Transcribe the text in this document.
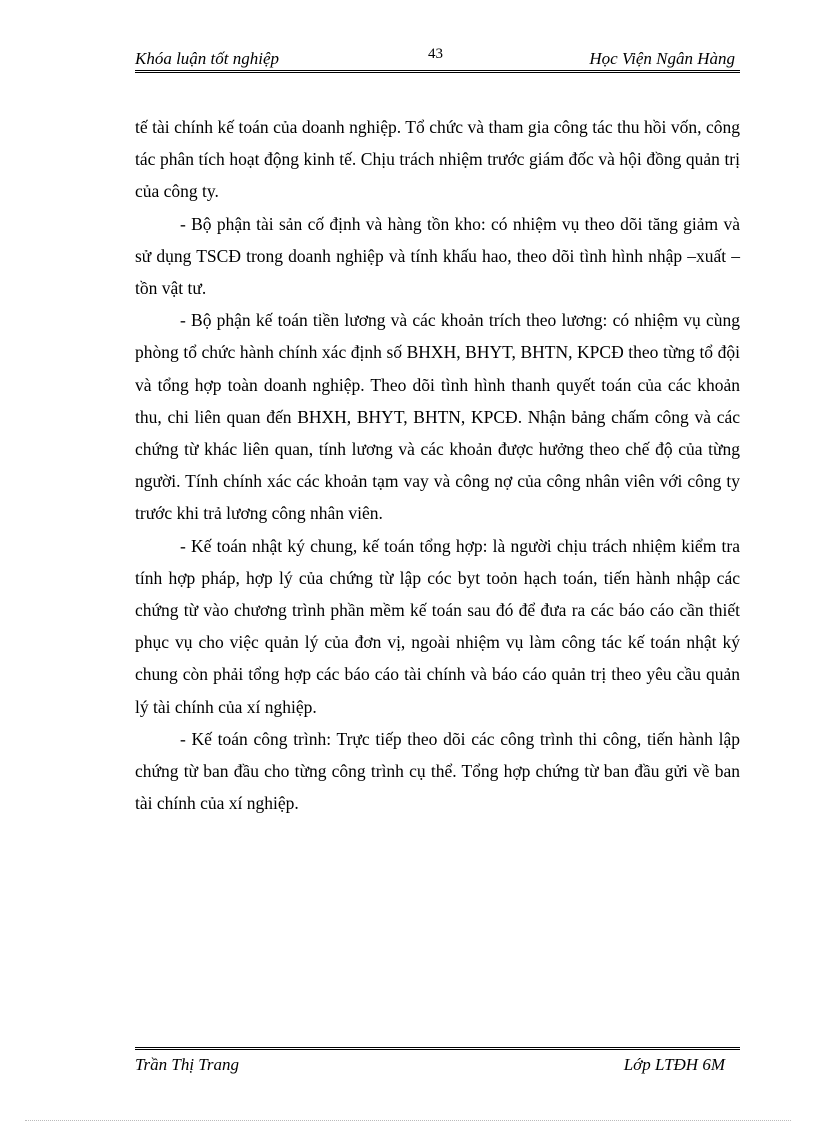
Khóa luận tốt nghiệp	43	Học Viện Ngân Hàng

tế tài chính kế toán của doanh nghiệp. Tổ chức và tham gia công tác thu hồi vốn, công tác phân tích hoạt động kinh tế. Chịu trách nhiệm trước giám đốc và hội đồng quản trị của công ty.

- Bộ phận tài sản cố định và hàng tồn kho: có nhiệm vụ theo dõi tăng giảm và sử dụng TSCĐ trong doanh nghiệp và tính khấu hao, theo dõi tình hình nhập –xuất – tồn vật tư.

- Bộ phận kế toán tiền lương và các khoản trích theo lương: có nhiệm vụ cùng phòng tổ chức hành chính xác định số BHXH, BHYT, BHTN, KPCĐ theo từng tổ đội và tổng hợp toàn doanh nghiệp. Theo dõi tình hình thanh quyết toán của các khoản thu, chi liên quan đến BHXH, BHYT, BHTN, KPCĐ. Nhận bảng chấm công và các chứng từ khác liên quan, tính lương và các khoản được hưởng theo chế độ của từng người. Tính chính xác các khoản tạm vay và công nợ của công nhân viên với công ty trước khi trả lương công nhân viên.

- Kế toán nhật ký chung, kế toán tổng hợp: là người chịu trách nhiệm kiểm tra tính hợp pháp, hợp lý của chứng từ lập cóc byt toỏn hạch toán, tiến hành nhập các chứng từ vào chương trình phần mềm kế toán sau đó để đưa ra các báo cáo cần thiết phục vụ cho việc quản lý của đơn vị, ngoài nhiệm vụ làm công tác kế toán nhật ký chung còn phải tổng hợp các báo cáo tài chính và báo cáo quản trị theo yêu cầu quản lý tài chính của xí nghiệp.

- Kế toán công trình: Trực tiếp theo dõi các công trình thi công, tiến hành lập chứng từ ban đầu cho từng công trình cụ thể. Tổng hợp chứng từ ban đầu gửi về ban tài chính của xí nghiệp.

Trần Thị Trang	Lớp LTĐH 6M
